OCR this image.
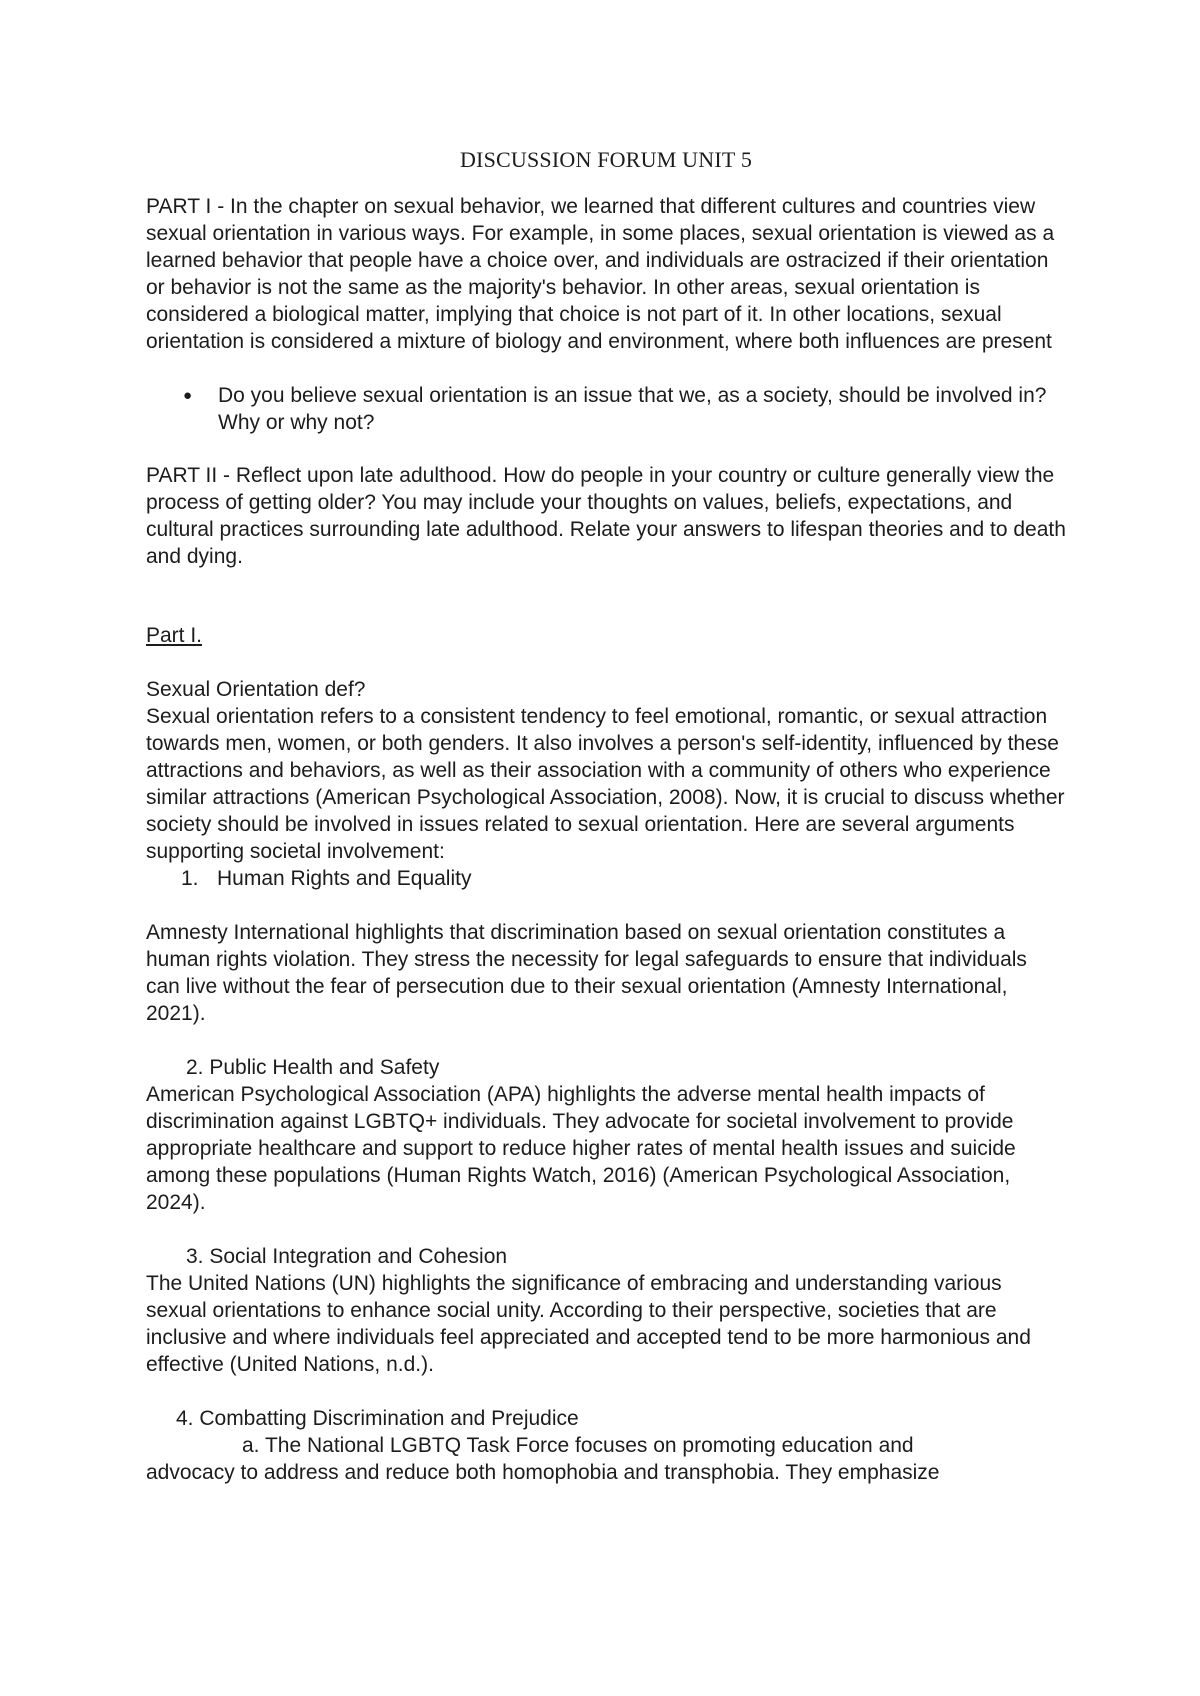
DISCUSSION FORUM UNIT 5

PART I - In the chapter on sexual behavior, we learned that different cultures and countries view sexual orientation in various ways. For example, in some places, sexual orientation is viewed as a learned behavior that people have a choice over, and individuals are ostracized if their orientation or behavior is not the same as the majority's behavior. In other areas, sexual orientation is considered a biological matter, implying that choice is not part of it. In other locations, sexual orientation is considered a mixture of biology and environment, where both influences are present

● Do you believe sexual orientation is an issue that we, as a society, should be involved in? Why or why not?

PART II - Reflect upon late adulthood. How do people in your country or culture generally view the process of getting older? You may include your thoughts on values, beliefs, expectations, and cultural practices surrounding late adulthood. Relate your answers to lifespan theories and to death and dying.

Part I.

Sexual Orientation def?

Sexual orientation refers to a consistent tendency to feel emotional, romantic, or sexual attraction towards men, women, or both genders. It also involves a person's self-identity, influenced by these attractions and behaviors, as well as their association with a community of others who experience similar attractions (American Psychological Association, 2008). Now, it is crucial to discuss whether society should be involved in issues related to sexual orientation. Here are several arguments supporting societal involvement:

1. Human Rights and Equality

Amnesty International highlights that discrimination based on sexual orientation constitutes a human rights violation. They stress the necessity for legal safeguards to ensure that individuals can live without the fear of persecution due to their sexual orientation (Amnesty International, 2021).

2. Public Health and Safety

American Psychological Association (APA) highlights the adverse mental health impacts of discrimination against LGBTQ+ individuals. They advocate for societal involvement to provide appropriate healthcare and support to reduce higher rates of mental health issues and suicide among these populations (Human Rights Watch, 2016) (American Psychological Association, 2024).

3. Social Integration and Cohesion

The United Nations (UN) highlights the significance of embracing and understanding various sexual orientations to enhance social unity. According to their perspective, societies that are inclusive and where individuals feel appreciated and accepted tend to be more harmonious and effective (United Nations, n.d.).

4. Combatting Discrimination and Prejudice

a. The National LGBTQ Task Force focuses on promoting education and

advocacy to address and reduce both homophobia and transphobia. They emphasize
